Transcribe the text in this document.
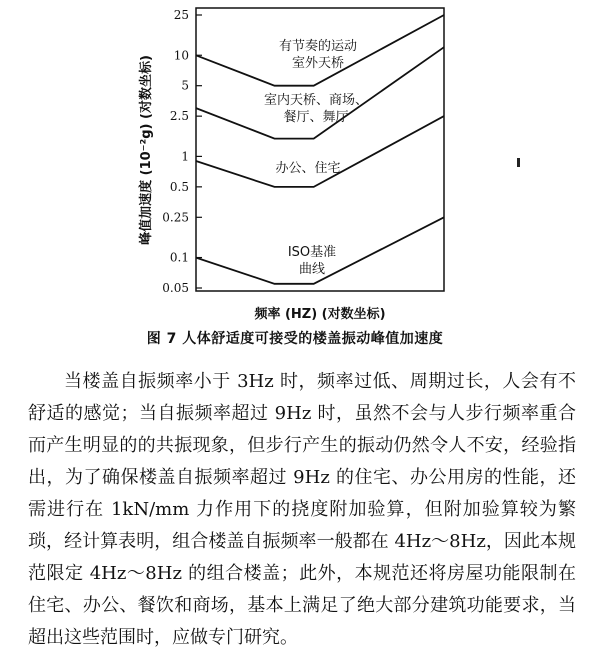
0.05
0.1
0.25
0.5
1
2.5
5
10
25
有节奏的运动
室外天桥
室内天桥、商场、
餐厅、舞厅
办公、住宅
ISO基准
曲线
峰值加速度 (10⁻²g) (对数坐标)
频率 (HZ) (对数坐标)
图 7 人体舒适度可接受的楼盖振动峰值加速度
当楼盖自振频率小于 3Hz 时，频率过低、周期过长，人会有不舒适的感觉；当自振频率超过 9Hz 时，虽然不会与人步行频率重合而产生明显的的共振现象，但步行产生的振动仍然令人不安，经验指出，为了确保楼盖自振频率超过 9Hz 的住宅、办公用房的性能，还需进行在 1kN/mm 力作用下的挠度附加验算，但附加验算较为繁琐，经计算表明，组合楼盖自振频率一般都在 4Hz～8Hz，因此本规范限定 4Hz～8Hz 的组合楼盖；此外，本规范还将房屋功能限制在住宅、办公、餐饮和商场，基本上满足了绝大部分建筑功能要求，当超出这些范围时，应做专门研究。
